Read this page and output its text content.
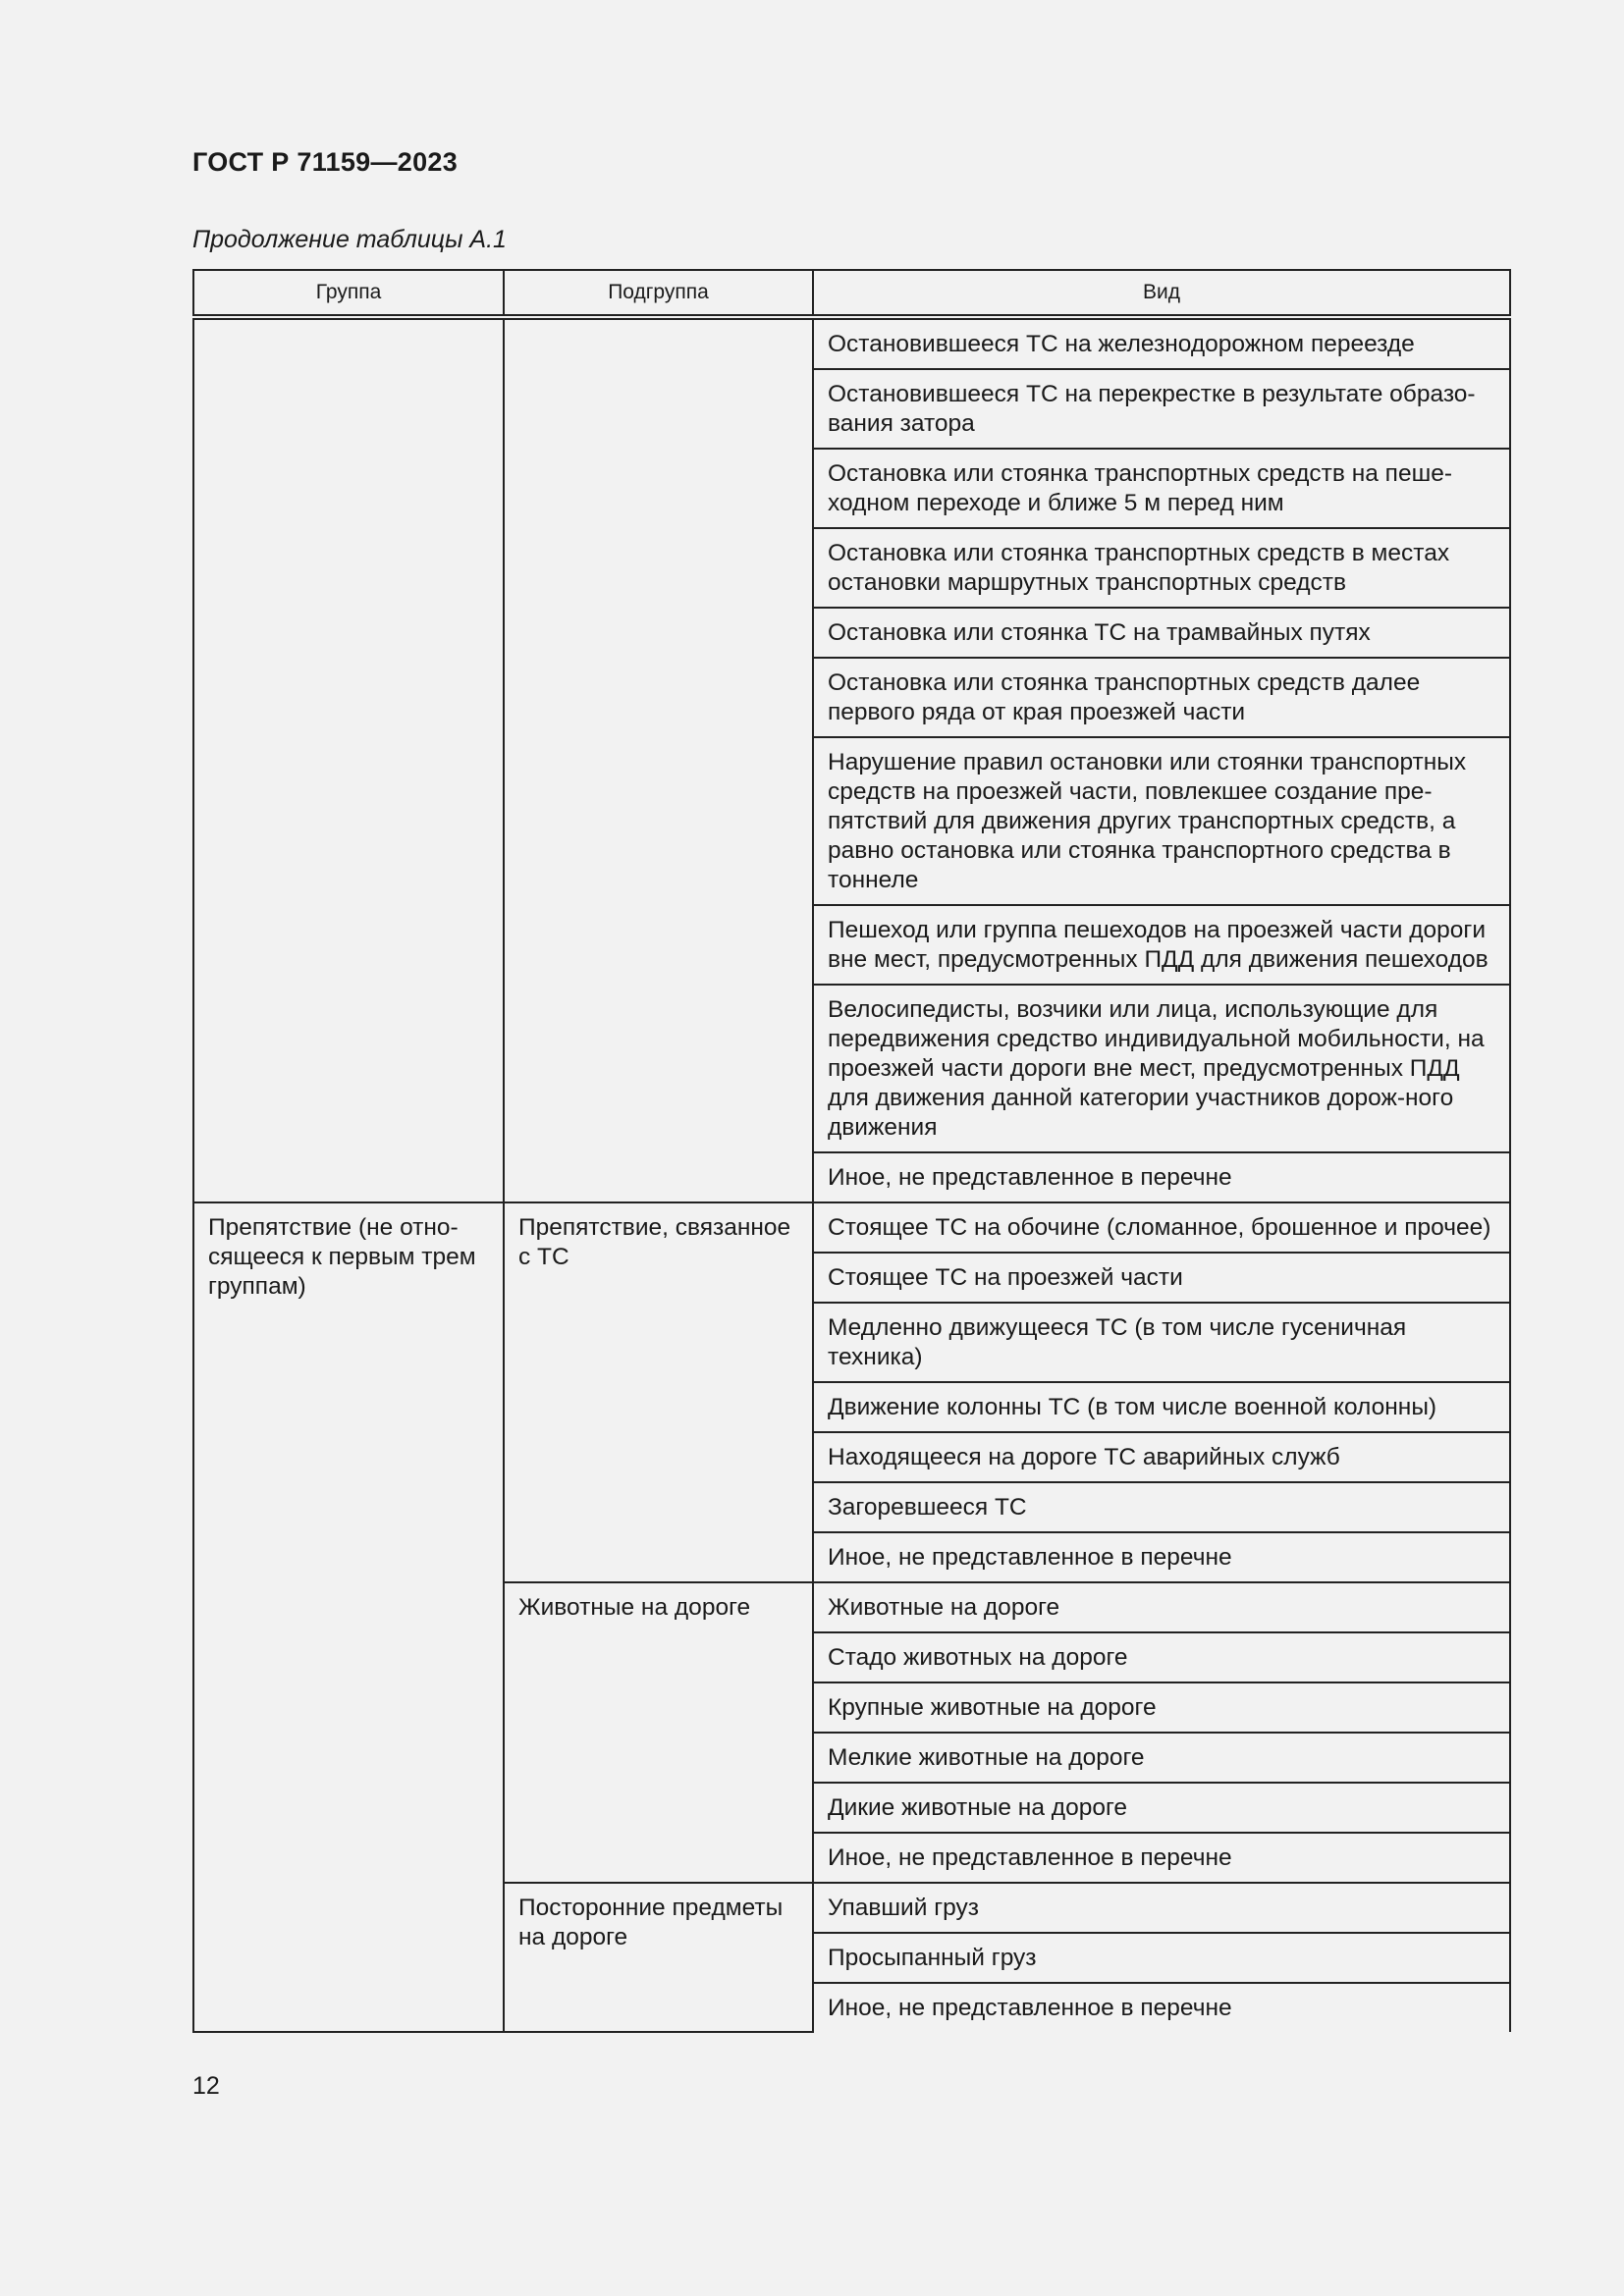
ГОСТ Р 71159—2023
Продолжение таблицы А.1
Группа	Подгруппа	Вид
		Остановившееся ТС на железнодорожном переезде
		Остановившееся ТС на перекрестке в результате образо-вания затора
		Остановка или стоянка транспортных средств на пеше-ходном переходе и ближе 5 м перед ним
		Остановка или стоянка транспортных средств в местах остановки маршрутных транспортных средств
		Остановка или стоянка ТС на трамвайных путях
		Остановка или стоянка транспортных средств далее первого ряда от края проезжей части
		Нарушение правил остановки или стоянки транспортных средств на проезжей части, повлекшее создание пре-пятствий для движения других транспортных средств, а равно остановка или стоянка транспортного средства в тоннеле
		Пешеход или группа пешеходов на проезжей части дороги вне мест, предусмотренных ПДД для движения пешеходов
		Велосипедисты, возчики или лица, использующие для передвижения средство индивидуальной мобильности, на проезжей части дороги вне мест, предусмотренных ПДД для движения данной категории участников дорож-ного движения
		Иное, не представленное в перечне
Препятствие (не отно-сящееся к первым трем группам)	Препятствие, связанное с ТС	Стоящее ТС на обочине (сломанное, брошенное и прочее)
		Стоящее ТС на проезжей части
		Медленно движущееся ТС (в том числе гусеничная техника)
		Движение колонны ТС (в том числе военной колонны)
		Находящееся на дороге ТС аварийных служб
		Загоревшееся ТС
		Иное, не представленное в перечне
	Животные на дороге	Животные на дороге
		Стадо животных на дороге
		Крупные животные на дороге
		Мелкие животные на дороге
		Дикие животные на дороге
		Иное, не представленное в перечне
	Посторонние предметы на дороге	Упавший груз
		Просыпанный груз
		Иное, не представленное в перечне
12
